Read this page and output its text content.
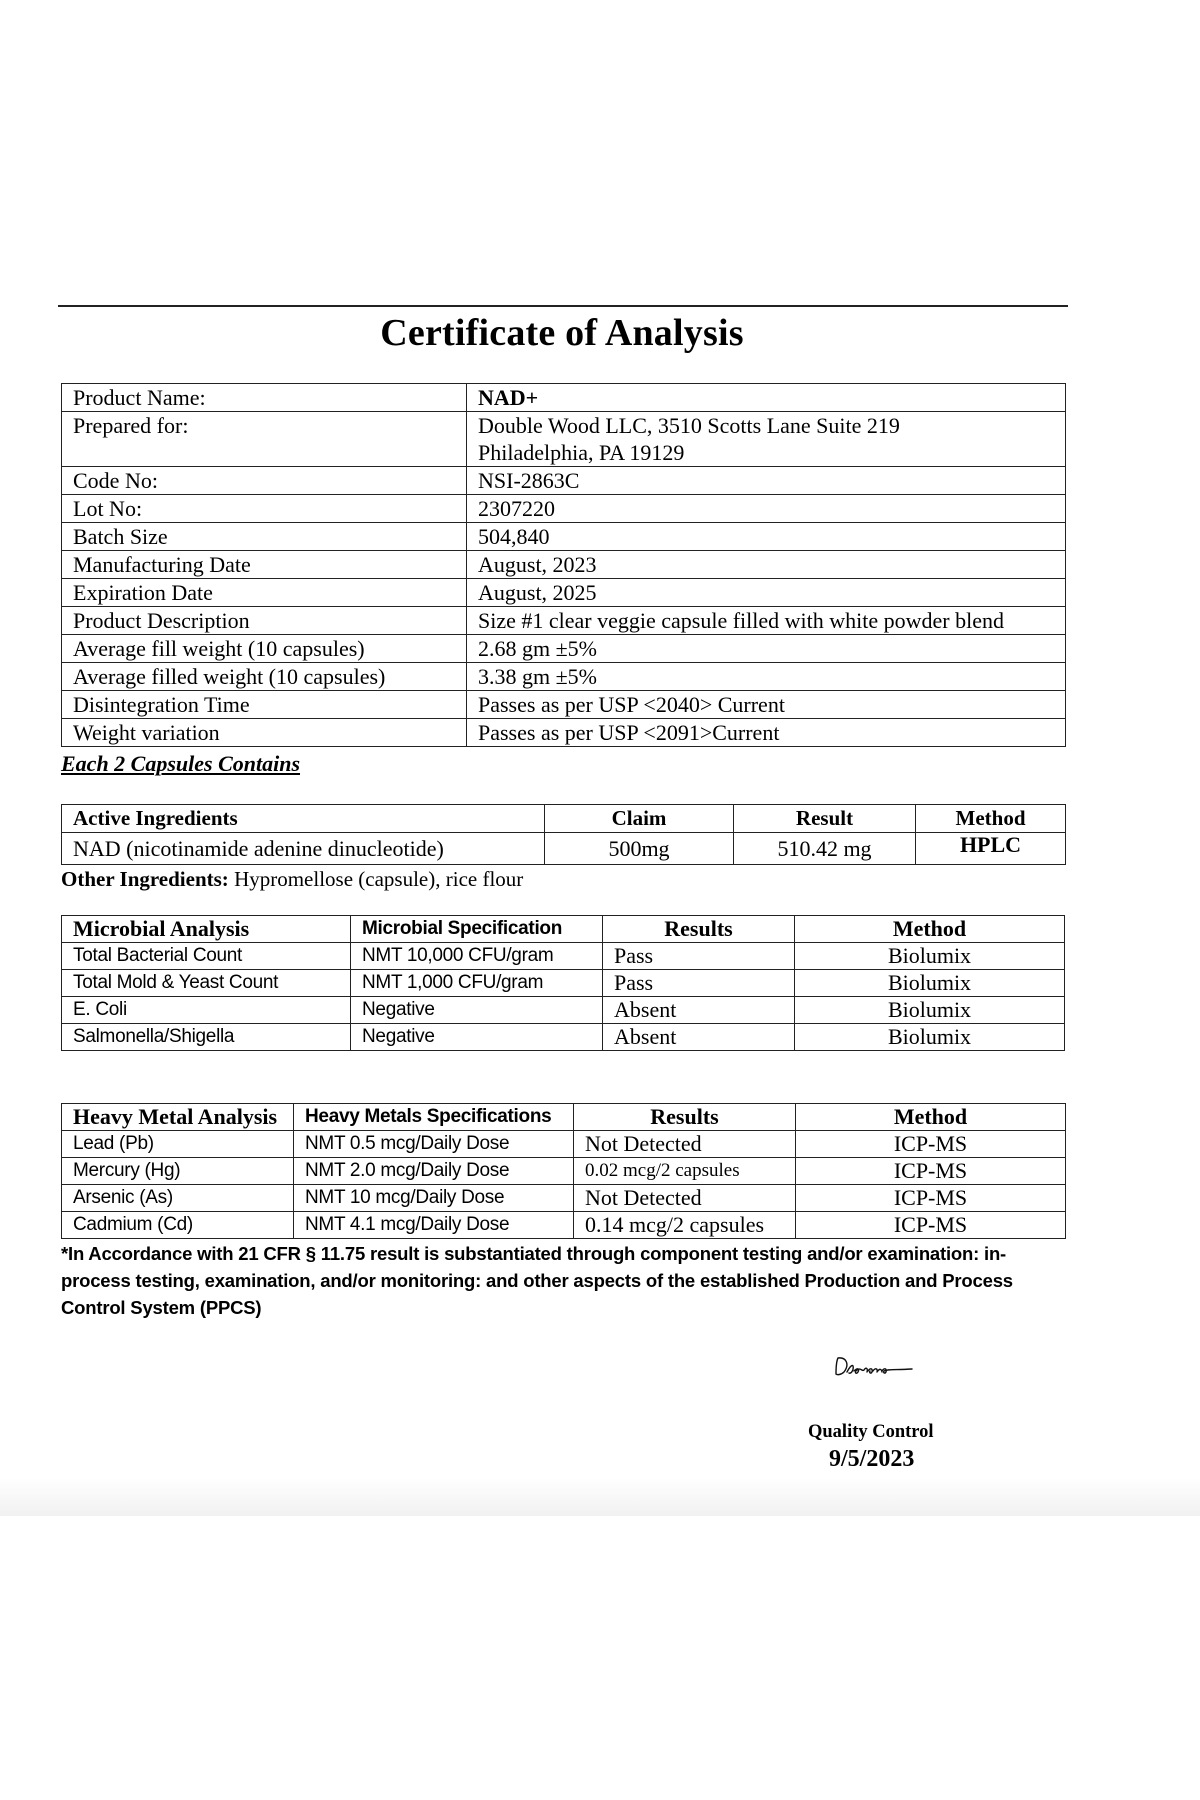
Certificate of Analysis
Product Name:	NAD+
Prepared for:	Double Wood LLC, 3510 Scotts Lane Suite 219
Philadelphia, PA 19129

Code No:	NSI-2863C
Lot No:	2307220
Batch Size	504,840
Manufacturing Date	August, 2023
Expiration Date	August, 2025
Product Description	Size #1 clear veggie capsule filled with white powder blend
Average fill weight (10 capsules)	2.68 gm ±5%
Average filled weight (10 capsules)	3.38 gm ±5%
Disintegration Time	Passes as per USP <2040> Current
Weight variation	Passes as per USP <2091>Current
Each 2 Capsules Contains
Active Ingredients	Claim	Result	Method
NAD (nicotinamide adenine dinucleotide)	500mg	510.42 mg	HPLC
Other Ingredients: Hypromellose (capsule), rice flour
Microbial Analysis	Microbial Specification	Results	Method
Total Bacterial Count	NMT 10,000 CFU/gram	Pass	Biolumix
Total Mold & Yeast Count	NMT 1,000 CFU/gram	Pass	Biolumix
E. Coli	Negative	Absent	Biolumix
Salmonella/Shigella	Negative	Absent	Biolumix
Heavy Metal Analysis	Heavy Metals Specifications	Results	Method
Lead (Pb)	NMT 0.5 mcg/Daily Dose	Not Detected	ICP-MS
Mercury (Hg)	NMT 2.0 mcg/Daily Dose	0.02 mcg/2 capsules	ICP-MS
Arsenic (As)	NMT 10 mcg/Daily Dose	Not Detected	ICP-MS
Cadmium (Cd)	NMT 4.1 mcg/Daily Dose	0.14 mcg/2 capsules	ICP-MS
*In Accordance with 21 CFR § 11.75 result is substantiated through component testing and/or examination: in-process testing, examination, and/or monitoring: and other aspects of the established Production and Process Control System (PPCS)
Quality Control
9/5/2023
